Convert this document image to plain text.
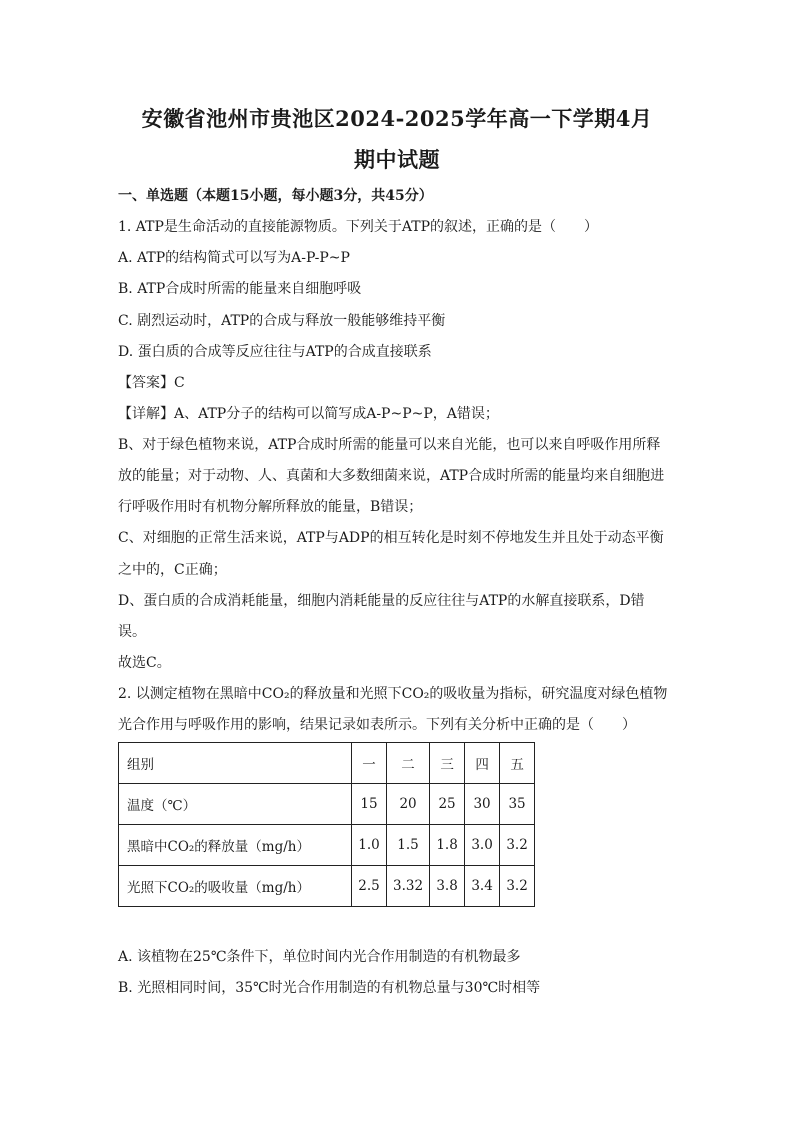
安徽省池州市贵池区2024-2025学年高一下学期4月
期中试题
一、单选题（本题15小题，每小题3分，共45分）
1. ATP是生命活动的直接能源物质。下列关于ATP的叙述，正确的是（　　）
A. ATP的结构简式可以写为A-P-P~P
B. ATP合成时所需的能量来自细胞呼吸
C. 剧烈运动时，ATP的合成与释放一般能够维持平衡
D. 蛋白质的合成等反应往往与ATP的合成直接联系
【答案】C
【详解】A、ATP分子的结构可以简写成A-P~P~P，A错误；
B、对于绿色植物来说，ATP合成时所需的能量可以来自光能，也可以来自呼吸作用所释
放的能量；对于动物、人、真菌和大多数细菌来说，ATP合成时所需的能量均来自细胞进
行呼吸作用时有机物分解所释放的能量，B错误；
C、对细胞的正常生活来说，ATP与ADP的相互转化是时刻不停地发生并且处于动态平衡
之中的，C正确；
D、蛋白质的合成消耗能量，细胞内消耗能量的反应往往与ATP的水解直接联系，D错
误。
故选C。
2. 以测定植物在黑暗中CO₂的释放量和光照下CO₂的吸收量为指标，研究温度对绿色植物
光合作用与呼吸作用的影响，结果记录如表所示。下列有关分析中正确的是（　　）
组别	一	二	三	四	五
温度（℃）	15	20	25	30	35
黑暗中CO₂的释放量（mg/h）	1.0	1.5	1.8	3.0	3.2
光照下CO₂的吸收量（mg/h）	2.5	3.32	3.8	3.4	3.2
A. 该植物在25℃条件下，单位时间内光合作用制造的有机物最多
B. 光照相同时间，35℃时光合作用制造的有机物总量与30℃时相等
